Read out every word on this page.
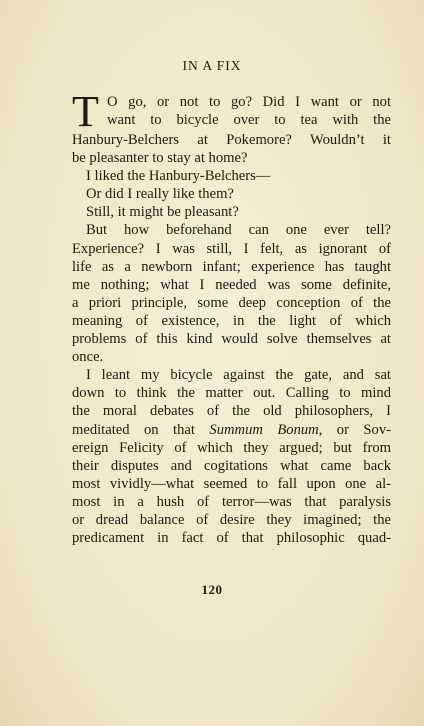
IN A FIX
T O go, or not to go? Did I want or not
want to bicycle over to tea with the
Hanbury-Belchers at Pokemore? Wouldn’t it
be pleasanter to stay at home?
I liked the Hanbury-Belchers—
Or did I really like them?
Still, it might be pleasant?
But how beforehand can one ever tell?
Experience? I was still, I felt, as ignorant of
life as a newborn infant; experience has taught
me nothing; what I needed was some definite,
a priori principle, some deep conception of the
meaning of existence, in the light of which
problems of this kind would solve themselves at
once.
I leant my bicycle against the gate, and sat
down to think the matter out. Calling to mind
the moral debates of the old philosophers, I
meditated on that Summum Bonum, or Sov-
ereign Felicity of which they argued; but from
their disputes and cogitations what came back
most vividly—what seemed to fall upon one al-
most in a hush of terror—was that paralysis
or dread balance of desire they imagined; the
predicament in fact of that philosophic quad-
120
